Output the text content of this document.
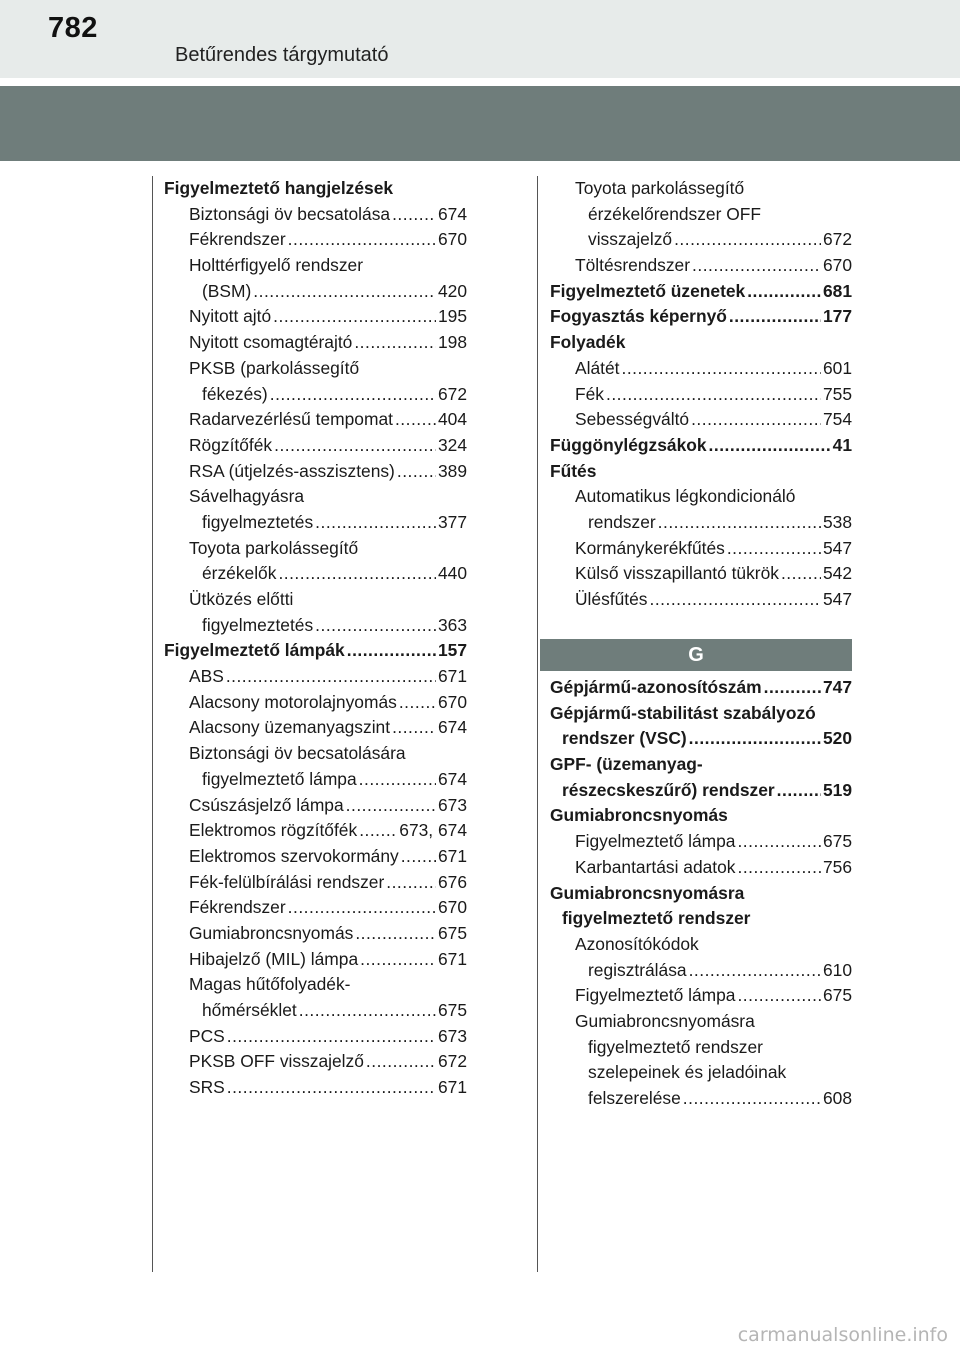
782
Betűrendes tárgymutató
Figyelmeztető hangjelzések
Biztonsági öv becsatolása .....	674
Fékrendszer .....	670
Holttérfigyelő rendszer
(BSM) .....	420
Nyitott ajtó .....	195
Nyitott csomagtérajtó .....	198
PKSB (parkolássegítő
fékezés) .....	672
Radarvezérlésű tempomat .....	404
Rögzítőfék .....	324
RSA (útjelzés-asszisztens) ..... 389
Sávelhagyásra
figyelmeztetés .....	377
Toyota parkolássegítő
érzékelők .....	440
Ütközés előtti
figyelmeztetés .....	363
Figyelmeztető lámpák .....	157
ABS .....	671
Alacsony motorolajnyomás ..... 670
Alacsony üzemanyagszint .....	674
Biztonsági öv becsatolására
figyelmeztető lámpa .....	674
Csúszásjelző lámpa .....	673
Elektromos rögzítőfék ..... 673, 674
Elektromos szervokormány ..... 671
Fék-felülbírálási rendszer .....	676
Fékrendszer .....	670
Gumiabroncsnyomás .....	675
Hibajelző (MIL) lámpa .....	671
Magas hűtőfolyadék-
hőmérséklet .....	675
PCS .....	673
PKSB OFF visszajelző .....	672
SRS .....	671
Toyota parkolássegítő
érzékelőrendszer OFF
visszajelző .....	672
Töltésrendszer .....	670
Figyelmeztető üzenetek .....	681
Fogyasztás képernyő .....	177
Folyadék
Alátét .....	601
Fék .....	755
Sebességváltó .....	754
Függönylégzsákok .....	41
Fűtés
Automatikus légkondicionáló
rendszer .....	538
Kormánykerékfűtés .....	547
Külső visszapillantó tükrök .....	542
Ülésfűtés .....	547
G
Gépjármű-azonosítószám .....	747
Gépjármű-stabilitást szabályozó
rendszer (VSC) .....	520
GPF- (üzemanyag-
részecskeszűrő) rendszer .....	519
Gumiabroncsnyomás
Figyelmeztető lámpa .....	675
Karbantartási adatok .....	756
Gumiabroncsnyomásra
figyelmeztető rendszer
Azonosítókódok
regisztrálása .....	610
Figyelmeztető lámpa .....	675
Gumiabroncsnyomásra
figyelmeztető rendszer
szelepeinek és jeladóinak
felszerelése .....	608
carmanualsonline.info
